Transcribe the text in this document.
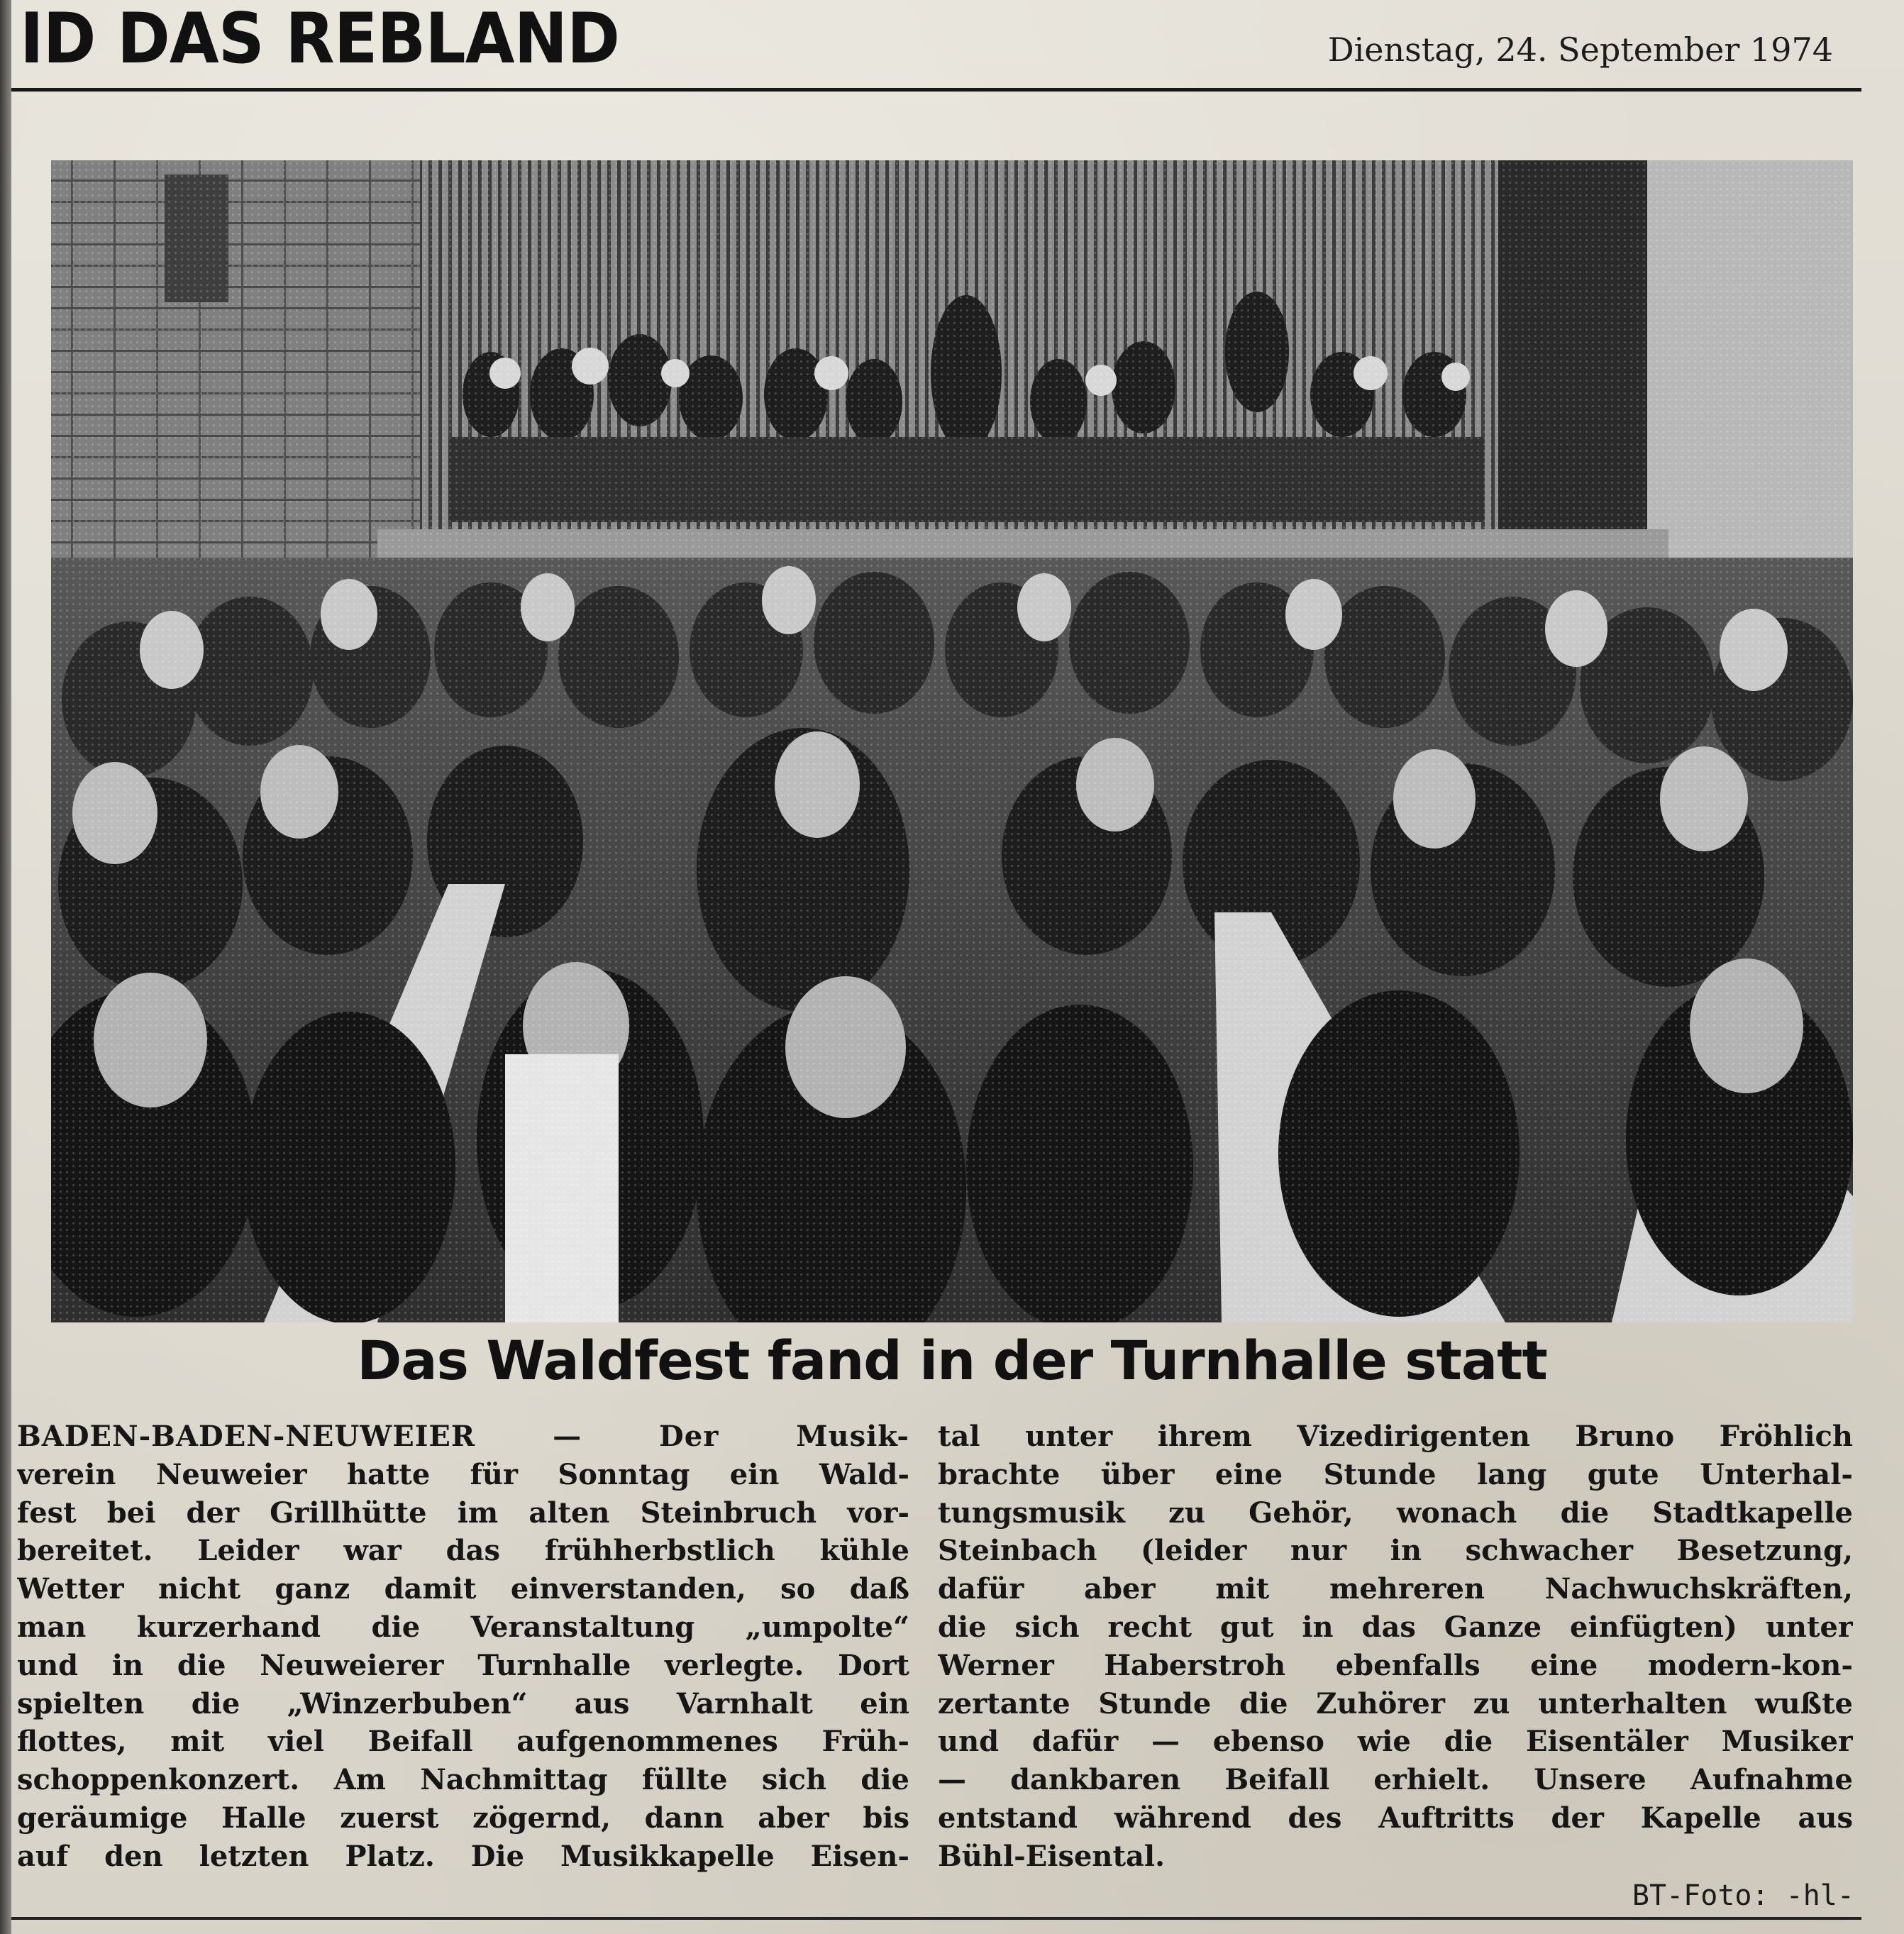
ID DAS REBLAND	Dienstag, 24. September 1974
Das Waldfest fand in der Turnhalle statt
BADEN-BADEN-NEUWEIER — Der Musik-
verein Neuweier hatte für Sonntag ein Wald-
fest bei der Grillhütte im alten Steinbruch vor-
bereitet. Leider war das frühherbstlich kühle
Wetter nicht ganz damit einverstanden, so daß
man kurzerhand die Veranstaltung „umpolte“
und in die Neuweierer Turnhalle verlegte. Dort
spielten die „Winzerbuben“ aus Varnhalt ein
flottes, mit viel Beifall aufgenommenes Früh-
schoppenkonzert. Am Nachmittag füllte sich die
geräumige Halle zuerst zögernd, dann aber bis
auf den letzten Platz. Die Musikkapelle Eisen-
tal unter ihrem Vizedirigenten Bruno Fröhlich
brachte über eine Stunde lang gute Unterhal-
tungsmusik zu Gehör, wonach die Stadtkapelle
Steinbach (leider nur in schwacher Besetzung,
dafür aber mit mehreren Nachwuchskräften,
die sich recht gut in das Ganze einfügten) unter
Werner Haberstroh ebenfalls eine modern-kon-
zertante Stunde die Zuhörer zu unterhalten wußte
und dafür — ebenso wie die Eisentäler Musiker
— dankbaren Beifall erhielt. Unsere Aufnahme
entstand während des Auftritts der Kapelle aus
Bühl-Eisental.
BT-Foto: -hl-
